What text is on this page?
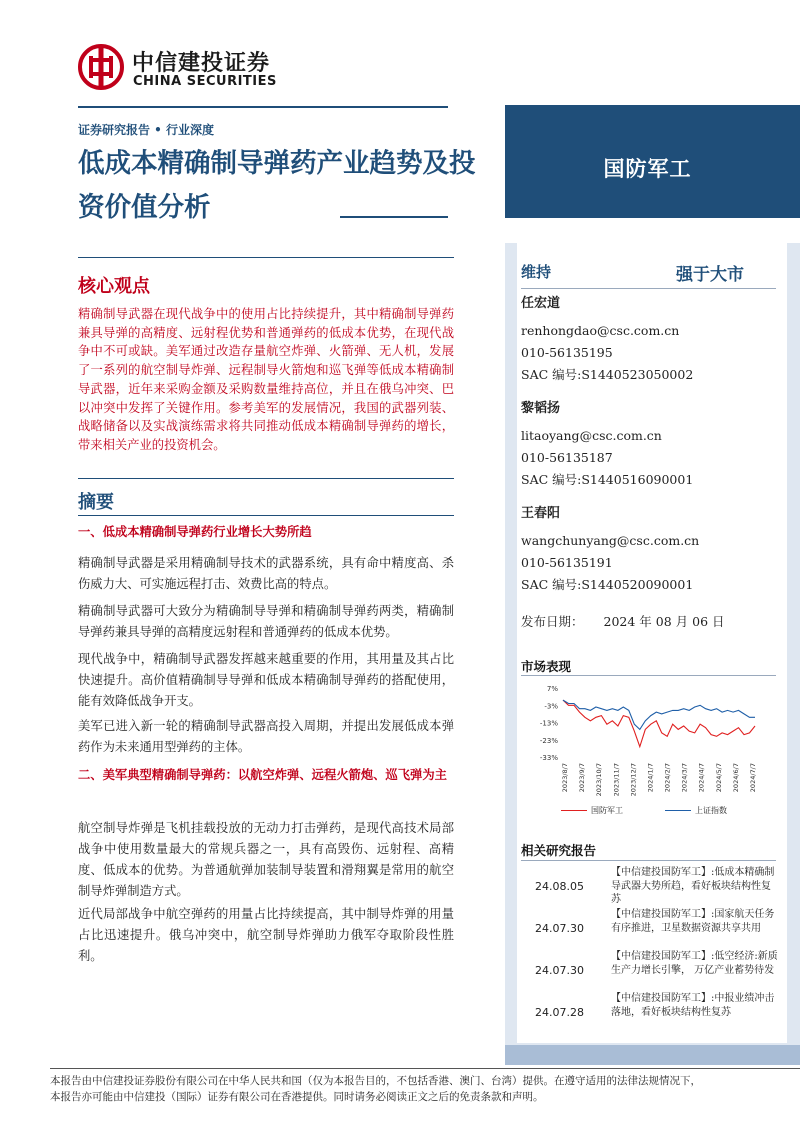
中信建投证券
CHINA SECURITIES
证券研究报告 • 行业深度
低成本精确制导弹药产业趋势及投资价值分析
国防军工
维持	强于大市
任宏道
renhongdao@csc.com.cn
010-56135195
SAC 编号:S1440523050002
黎韬扬
litaoyang@csc.com.cn
010-56135187
SAC 编号:S1440516090001
王春阳
wangchunyang@csc.com.cn
010-56135191
SAC 编号:S1440520090001
发布日期： 2024 年 08 月 06 日
市场表现
7%
-3%
-13%
-23%
-33%
2023/8/7 2023/9/7 2023/10/7 2023/11/7 2023/12/7 2024/1/7 2024/2/7 2024/3/7 2024/4/7 2024/5/7 2024/6/7 2024/7/7
国防军工	上证指数
相关研究报告
24.08.05
【中信建投国防军工】:低成本精确制导武器大势所趋，看好板块结构性复苏
24.07.30
【中信建投国防军工】:国家航天任务有序推进，卫星数据资源共享共用
24.07.30
【中信建投国防军工】:低空经济:新质生产力增长引擎， 万亿产业蓄势待发
24.07.28
【中信建投国防军工】:中报业绩冲击落地，看好板块结构性复苏
核心观点
精确制导武器在现代战争中的使用占比持续提升，其中精确制导弹药兼具导弹的高精度、远射程优势和普通弹药的低成本优势，在现代战争中不可或缺。美军通过改造存量航空炸弹、火箭弹、无人机，发展了一系列的航空制导炸弹、远程制导火箭炮和巡飞弹等低成本精确制导武器，近年来采购金额及采购数量维持高位，并且在俄乌冲突、巴以冲突中发挥了关键作用。参考美军的发展情况，我国的武器列装、战略储备以及实战演练需求将共同推动低成本精确制导弹药的增长，带来相关产业的投资机会。
摘要
一、低成本精确制导弹药行业增长大势所趋
精确制导武器是采用精确制导技术的武器系统，具有命中精度高、杀伤威力大、可实施远程打击、效费比高的特点。
精确制导武器可大致分为精确制导导弹和精确制导弹药两类，精确制导弹药兼具导弹的高精度远射程和普通弹药的低成本优势。
现代战争中，精确制导武器发挥越来越重要的作用，其用量及其占比快速提升。高价值精确制导导弹和低成本精确制导弹药的搭配使用，能有效降低战争开支。
美军已进入新一轮的精确制导武器高投入周期，并提出发展低成本弹药作为未来通用型弹药的主体。
二、美军典型精确制导弹药：以航空炸弹、远程火箭炮、巡飞弹为主
航空制导炸弹是飞机挂载投放的无动力打击弹药，是现代高技术局部战争中使用数量最大的常规兵器之一，具有高毁伤、远射程、高精度、低成本的优势。为普通航弹加装制导装置和滑翔翼是常用的航空制导炸弹制造方式。
近代局部战争中航空弹药的用量占比持续提高，其中制导炸弹的用量占比迅速提升。俄乌冲突中，航空制导炸弹助力俄军夺取阶段性胜利。
本报告由中信建投证券股份有限公司在中华人民共和国（仅为本报告目的，不包括香港、澳门、台湾）提供。在遵守适用的法律法规情况下，
本报告亦可能由中信建投（国际）证券有限公司在香港提供。同时请务必阅读正文之后的免责条款和声明。
